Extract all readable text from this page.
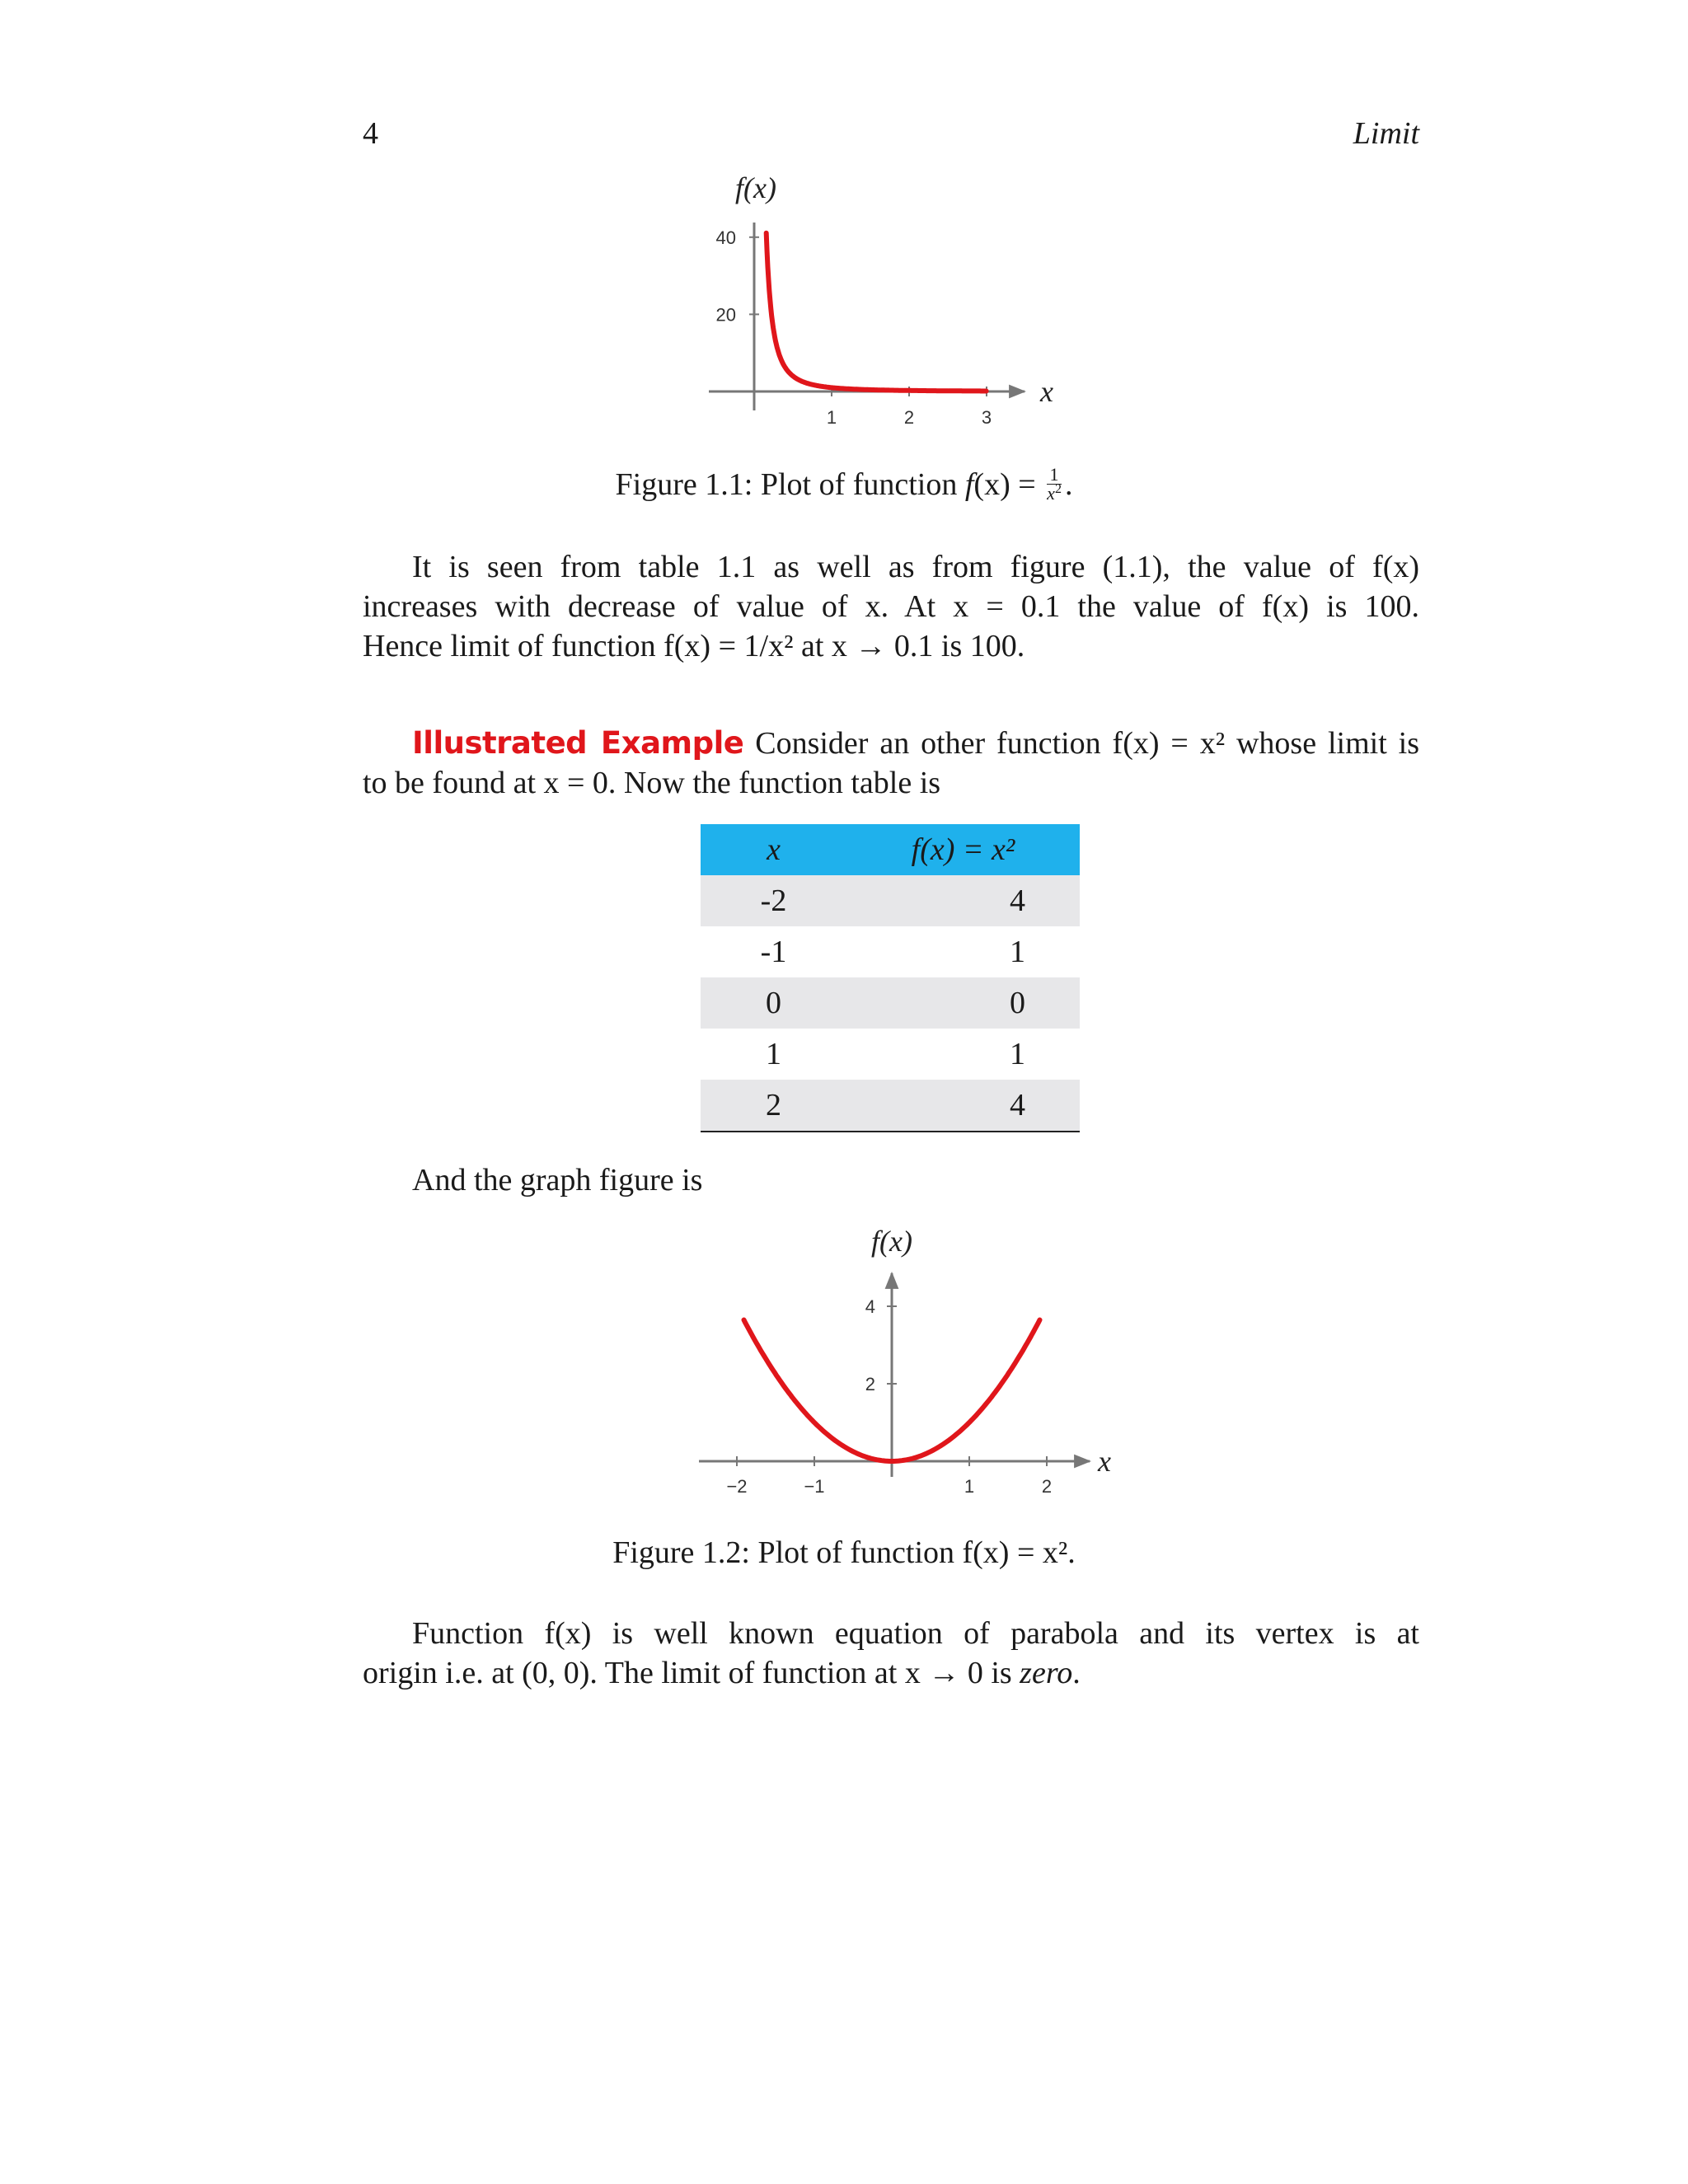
4	Limit
1	2	3
20
40
f(x)
x
Figure 1.1: Plot of function $f(x) = \frac{1}{x^2}$ .
It is seen from table 1.1 as well as from figure (1.1), the value of f(x)
increases with decrease of value of x. At x = 0.1 the value of f(x) is 100.
Hence limit of function f(x) = 1/x² at x → 0.1 is 100.
Illustrated Example Consider an other function f(x) = x² whose limit is
to be found at x = 0. Now the function table is
x	f(x) = x²
-2	4
-1	1
0	0
1	1
2	4
And the graph figure is
−2	−1	1	2
2
4
f(x)
x
Figure 1.2: Plot of function f(x) = x².
Function f(x) is well known equation of parabola and its vertex is at
origin i.e. at (0, 0). The limit of function at x → 0 is zero.
